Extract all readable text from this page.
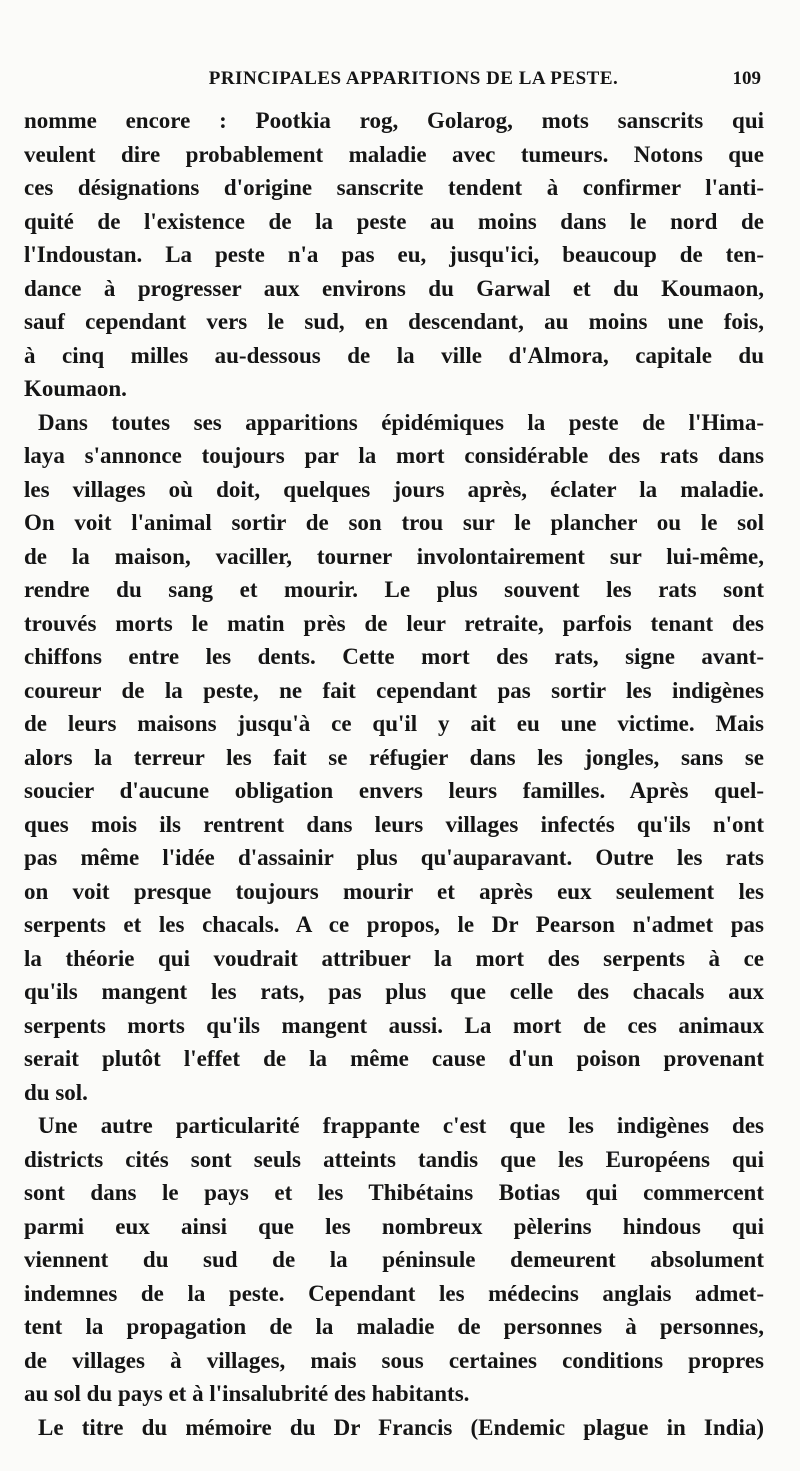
PRINCIPALES APPARITIONS DE LA PESTE.	109
nomme encore : Pootkia rog, Golarog, mots sanscrits qui
veulent dire probablement maladie avec tumeurs. Notons que
ces désignations d'origine sanscrite tendent à confirmer l'anti-
quité de l'existence de la peste au moins dans le nord de
l'Indoustan. La peste n'a pas eu, jusqu'ici, beaucoup de ten-
dance à progresser aux environs du Garwal et du Koumaon,
sauf cependant vers le sud, en descendant, au moins une fois,
à cinq milles au-dessous de la ville d'Almora, capitale du
Koumaon.
Dans toutes ses apparitions épidémiques la peste de l'Hima-
laya s'annonce toujours par la mort considérable des rats dans
les villages où doit, quelques jours après, éclater la maladie.
On voit l'animal sortir de son trou sur le plancher ou le sol
de la maison, vaciller, tourner involontairement sur lui-même,
rendre du sang et mourir. Le plus souvent les rats sont
trouvés morts le matin près de leur retraite, parfois tenant des
chiffons entre les dents. Cette mort des rats, signe avant-
coureur de la peste, ne fait cependant pas sortir les indigènes
de leurs maisons jusqu'à ce qu'il y ait eu une victime. Mais
alors la terreur les fait se réfugier dans les jongles, sans se
soucier d'aucune obligation envers leurs familles. Après quel-
ques mois ils rentrent dans leurs villages infectés qu'ils n'ont
pas même l'idée d'assainir plus qu'auparavant. Outre les rats
on voit presque toujours mourir et après eux seulement les
serpents et les chacals. A ce propos, le Dr Pearson n'admet pas
la théorie qui voudrait attribuer la mort des serpents à ce
qu'ils mangent les rats, pas plus que celle des chacals aux
serpents morts qu'ils mangent aussi. La mort de ces animaux
serait plutôt l'effet de la même cause d'un poison provenant
du sol.
Une autre particularité frappante c'est que les indigènes des
districts cités sont seuls atteints tandis que les Européens qui
sont dans le pays et les Thibétains Botias qui commercent
parmi eux ainsi que les nombreux pèlerins hindous qui
viennent du sud de la péninsule demeurent absolument
indemnes de la peste. Cependant les médecins anglais admet-
tent la propagation de la maladie de personnes à personnes,
de villages à villages, mais sous certaines conditions propres
au sol du pays et à l'insalubrité des habitants.
Le titre du mémoire du Dr Francis (Endemic plague in India)
